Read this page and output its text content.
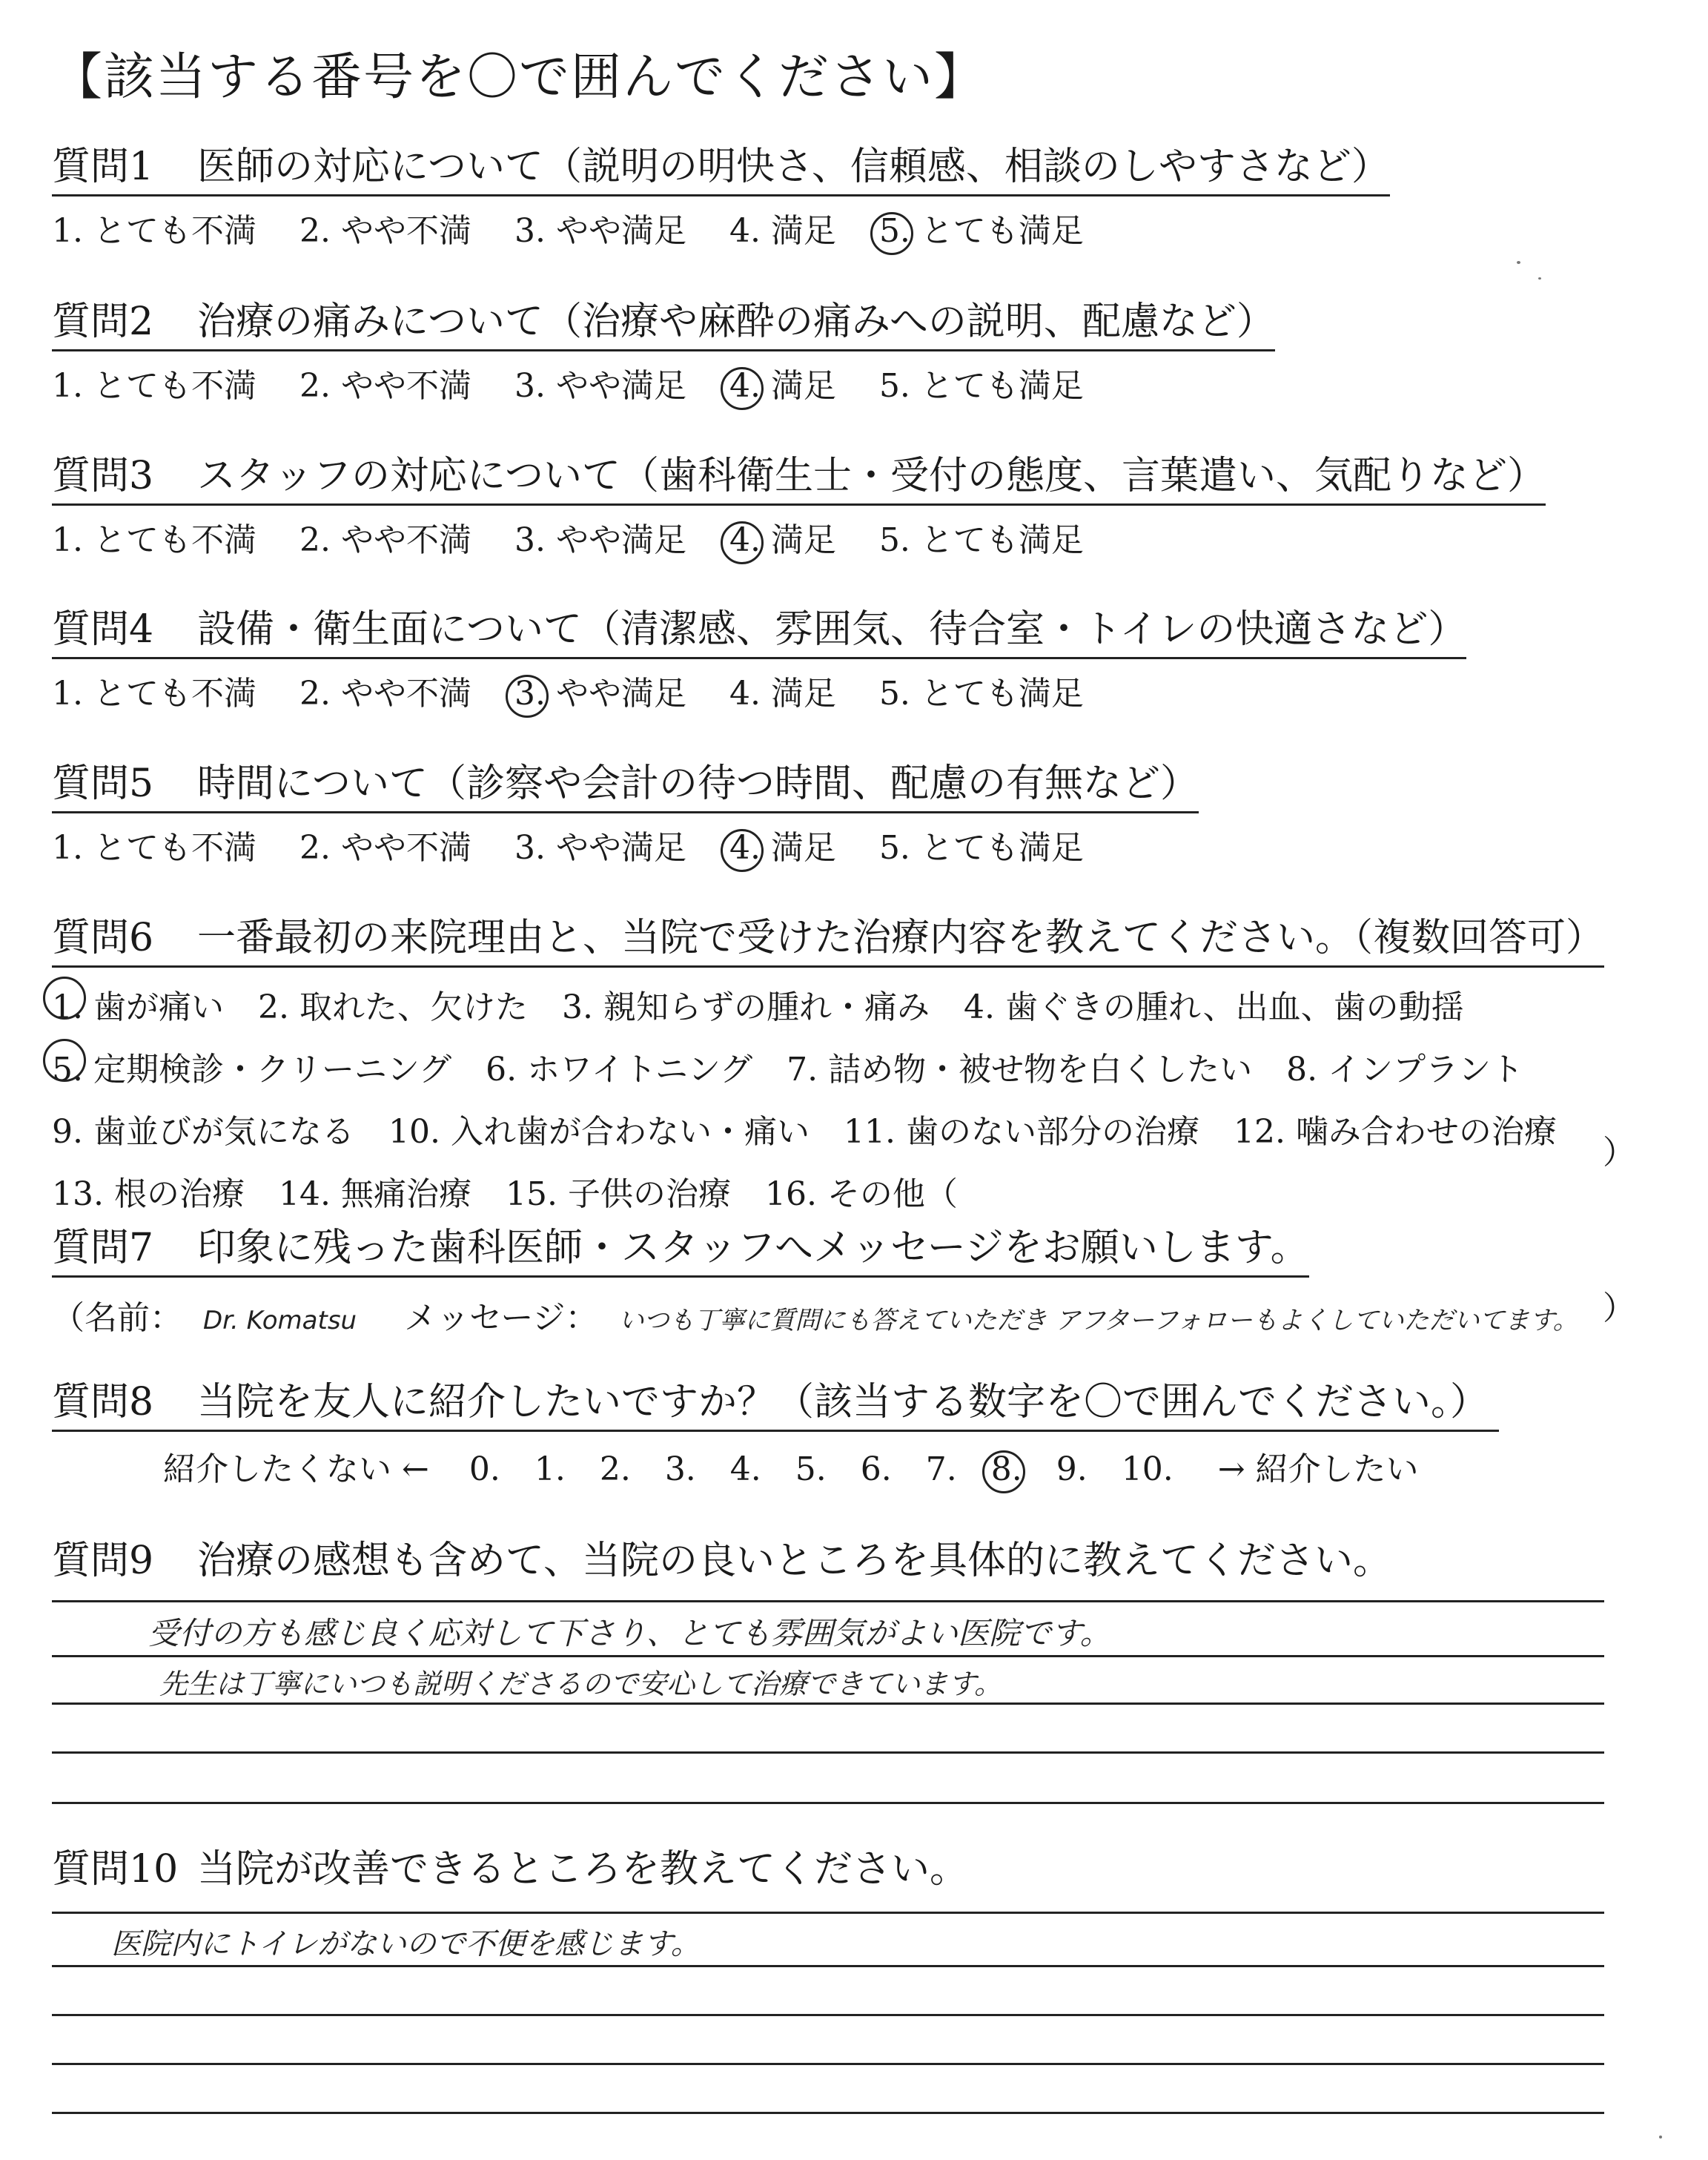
【該当する番号を〇で囲んでください】
質問1 医師の対応について（説明の明快さ、信頼感、相談のしやすさなど）
1. とても不満 2. やや不満 3. やや満足 4. 満足 5. とても満足
質問2 治療の痛みについて（治療や麻酔の痛みへの説明、配慮など）
1. とても不満 2. やや不満 3. やや満足 4. 満足 5. とても満足
質問3 スタッフの対応について（歯科衛生士・受付の態度、言葉遣い、気配りなど）
1. とても不満 2. やや不満 3. やや満足 4. 満足 5. とても満足
質問4 設備・衛生面について（清潔感、雰囲気、待合室・トイレの快適さなど）
1. とても不満 2. やや不満 3. やや満足 4. 満足 5. とても満足
質問5 時間について（診察や会計の待つ時間、配慮の有無など）
1. とても不満 2. やや不満 3. やや満足 4. 満足 5. とても満足
質問6 一番最初の来院理由と、当院で受けた治療内容を教えてください。（複数回答可）
1. 歯が痛い 2. 取れた、欠けた 3. 親知らずの腫れ・痛み 4. 歯ぐきの腫れ、出血、歯の動揺
5. 定期検診・クリーニング 6. ホワイトニング 7. 詰め物・被せ物を白くしたい 8. インプラント
9. 歯並びが気になる 10. 入れ歯が合わない・痛い 11. 歯のない部分の治療 12. 噛み合わせの治療
13. 根の治療 14. 無痛治療 15. 子供の治療 16. その他（
）
質問7 印象に残った歯科医師・スタッフへメッセージをお願いします。
（名前： Dr. Komatsu メッセージ： いつも丁寧に質問にも答えていただき アフターフォローもよくしていただいてます。 ）
質問8 当院を友人に紹介したいですか？（該当する数字を〇で囲んでください。）
紹介したくない ← 0. 1. 2. 3. 4. 5. 6. 7. 8. 9. 10. → 紹介したい
質問9 治療の感想も含めて、当院の良いところを具体的に教えてください。
受付の方も感じ良く応対して下さり、とても雰囲気がよい医院です。
先生は丁寧にいつも説明くださるので安心して治療できています。
質問10 当院が改善できるところを教えてください。
医院内にトイレがないので不便を感じます。
